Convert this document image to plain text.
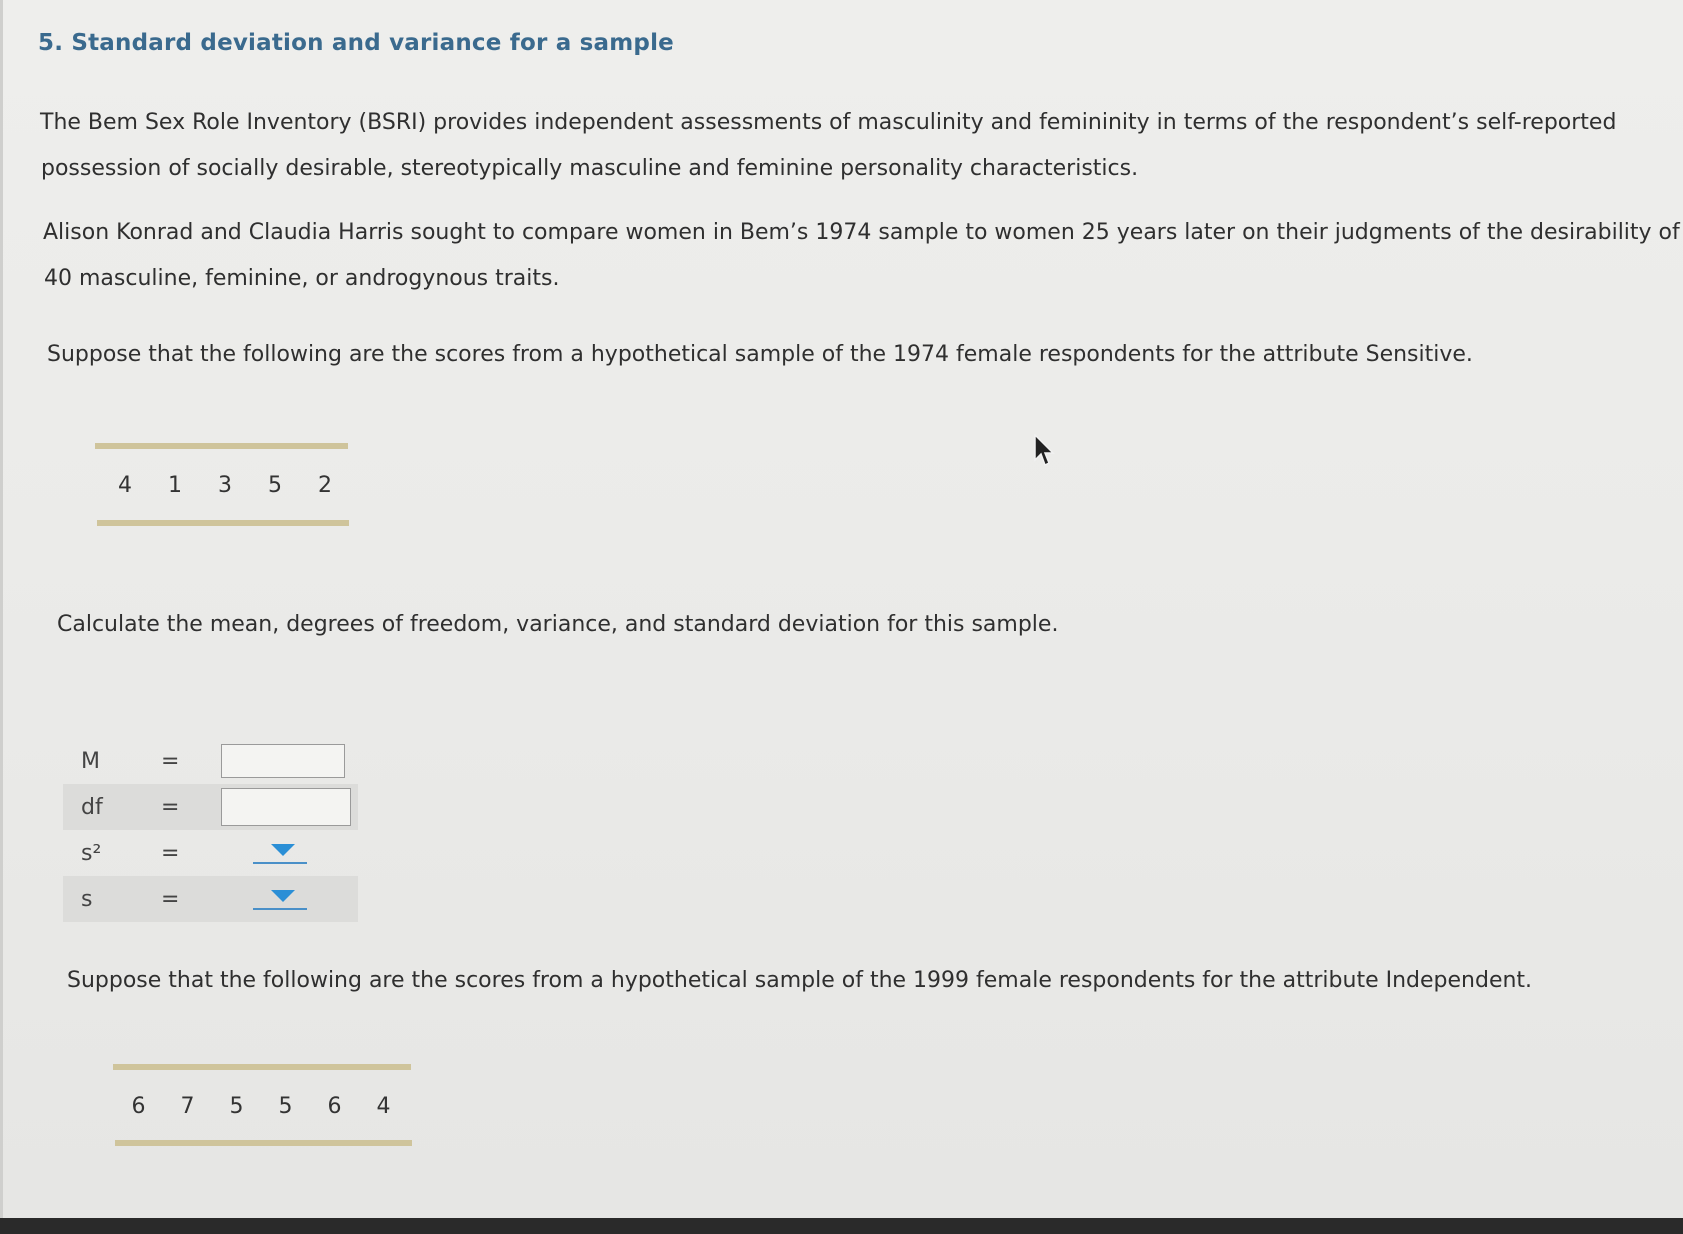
5. Standard deviation and variance for a sample

The Bem Sex Role Inventory (BSRI) provides independent assessments of masculinity and femininity in terms of the respondent’s self-reported

possession of socially desirable, stereotypically masculine and feminine personality characteristics.

Alison Konrad and Claudia Harris sought to compare women in Bem’s 1974 sample to women 25 years later on their judgments of the desirability of

40 masculine, feminine, or androgynous traits.

Suppose that the following are the scores from a hypothetical sample of the 1974 female respondents for the attribute Sensitive.

4	1	3	5	2

Calculate the mean, degrees of freedom, variance, and standard deviation for this sample.

M	=
df	=
s²	=
s	=

Suppose that the following are the scores from a hypothetical sample of the 1999 female respondents for the attribute Independent.

6	7	5	5	6	4
